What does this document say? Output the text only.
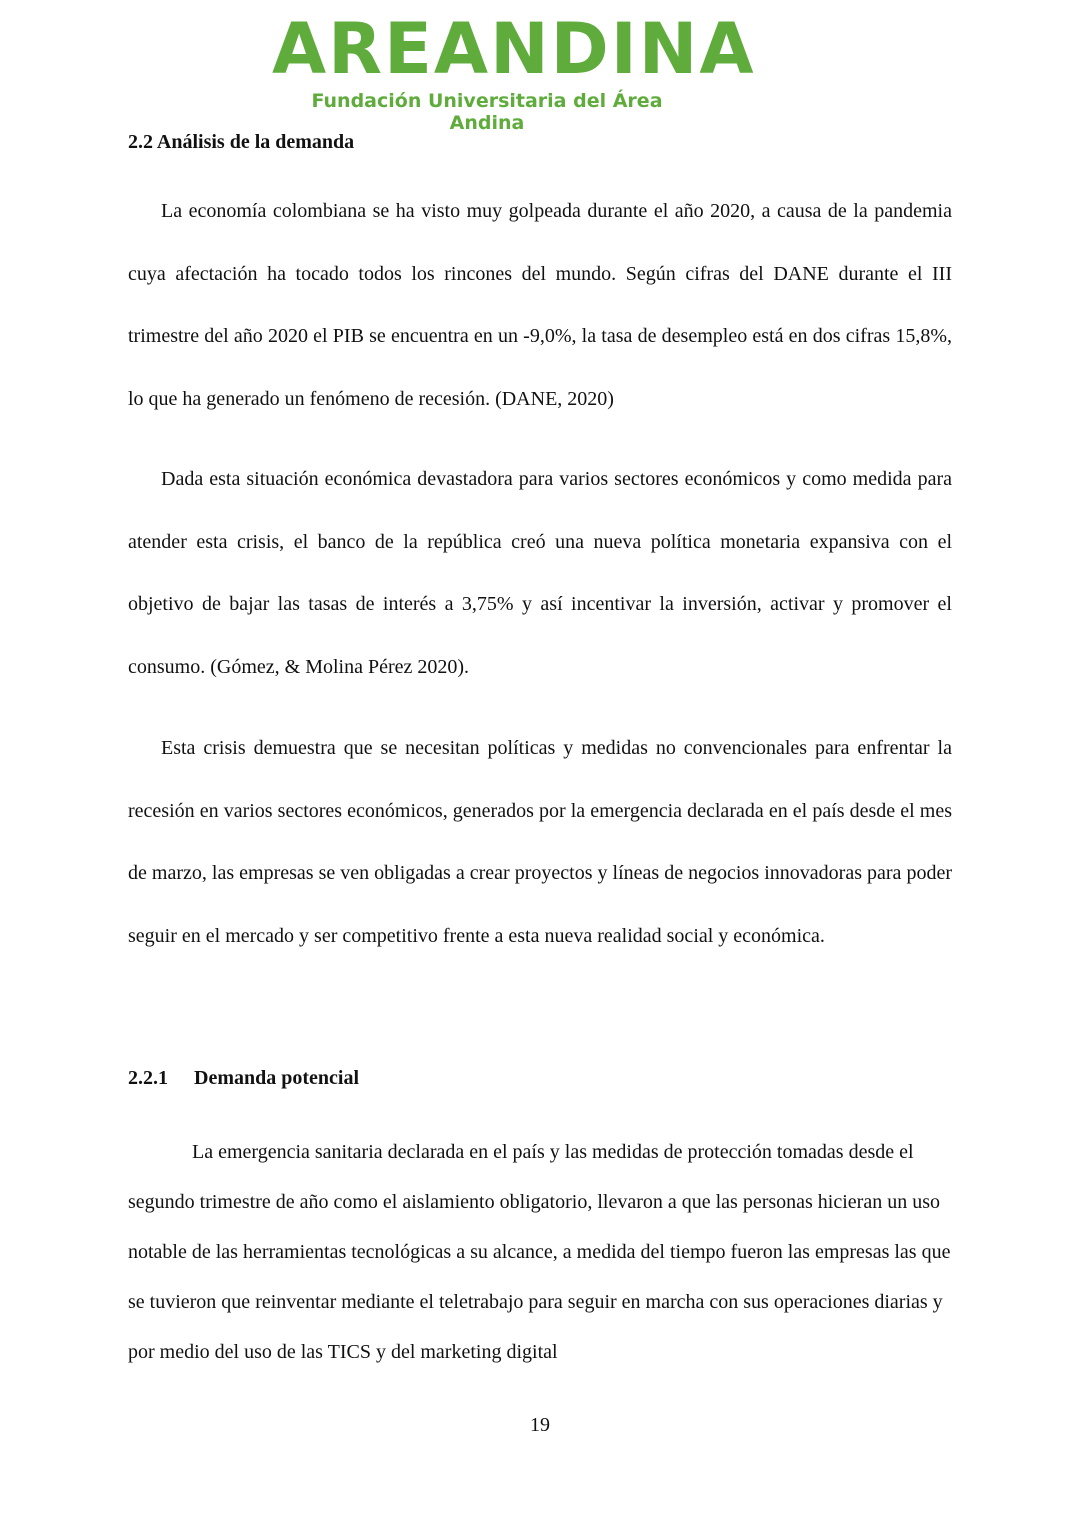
AREANDINA
Fundación Universitaria del Área Andina
2.2 Análisis de la demanda

La economía colombiana se ha visto muy golpeada durante el año 2020, a causa de la pandemia cuya afectación ha tocado todos los rincones del mundo. Según cifras del DANE durante el III trimestre del año 2020 el PIB se encuentra en un -9,0%, la tasa de desempleo está en dos cifras 15,8%, lo que ha generado un fenómeno de recesión. (DANE, 2020)

Dada esta situación económica devastadora para varios sectores económicos y como medida para atender esta crisis, el banco de la república creó una nueva política monetaria expansiva con el objetivo de bajar las tasas de interés a 3,75% y así incentivar la inversión, activar y promover el consumo. (Gómez, & Molina Pérez 2020).

Esta crisis demuestra que se necesitan políticas y medidas no convencionales para enfrentar la recesión en varios sectores económicos, generados por la emergencia declarada en el país desde el mes de marzo, las empresas se ven obligadas a crear proyectos y líneas de negocios innovadoras para poder seguir en el mercado y ser competitivo frente a esta nueva realidad social y económica.

2.2.1 Demanda potencial

La emergencia sanitaria declarada en el país y las medidas de protección tomadas desde el segundo trimestre de año como el aislamiento obligatorio, llevaron a que las personas hicieran un uso notable de las herramientas tecnológicas a su alcance, a medida del tiempo fueron las empresas las que se tuvieron que reinventar mediante el teletrabajo para seguir en marcha con sus operaciones diarias y por medio del uso de las TICS y del marketing digital

19
